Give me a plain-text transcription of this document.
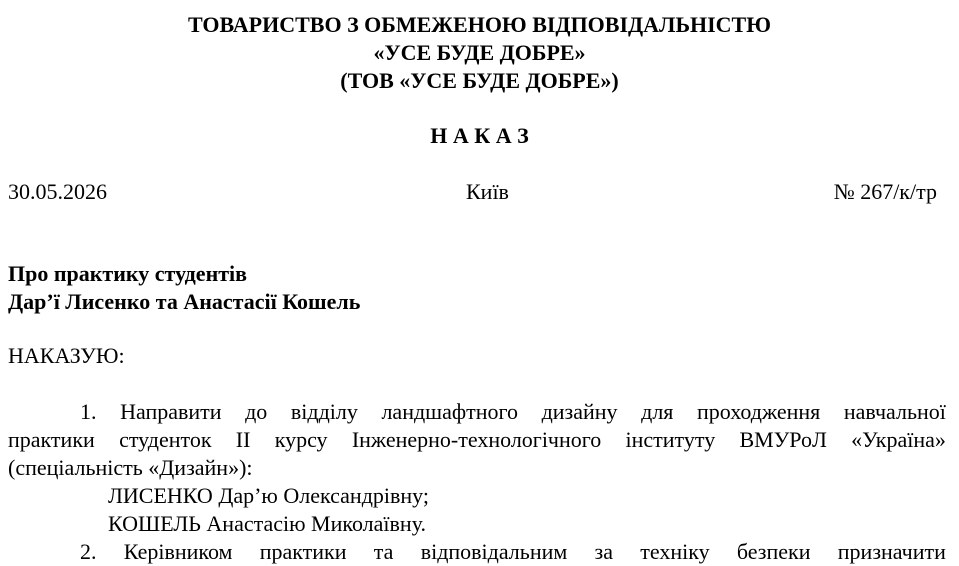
ТОВАРИСТВО З ОБМЕЖЕНОЮ ВІДПОВІДАЛЬНІСТЮ
«УСЕ БУДЕ ДОБРЕ»
(ТОВ «УСЕ БУДЕ ДОБРЕ»)
Н А К А З
30.05.2026	Київ	№ 267/к/тр
Про практику студентів
Дар’ї Лисенко та Анастасії Кошель
НАКАЗУЮ:
1. Направити до відділу ландшафтного дизайну для проходження навчальної
практики студенток ІІ курсу Інженерно-технологічного інституту ВМУРоЛ «Україна»
(спеціальність «Дизайн»):
ЛИСЕНКО Дар’ю Олександрівну;
КОШЕЛЬ Анастасію Миколаївну.
2. Керівником практики та відповідальним за техніку безпеки призначити
